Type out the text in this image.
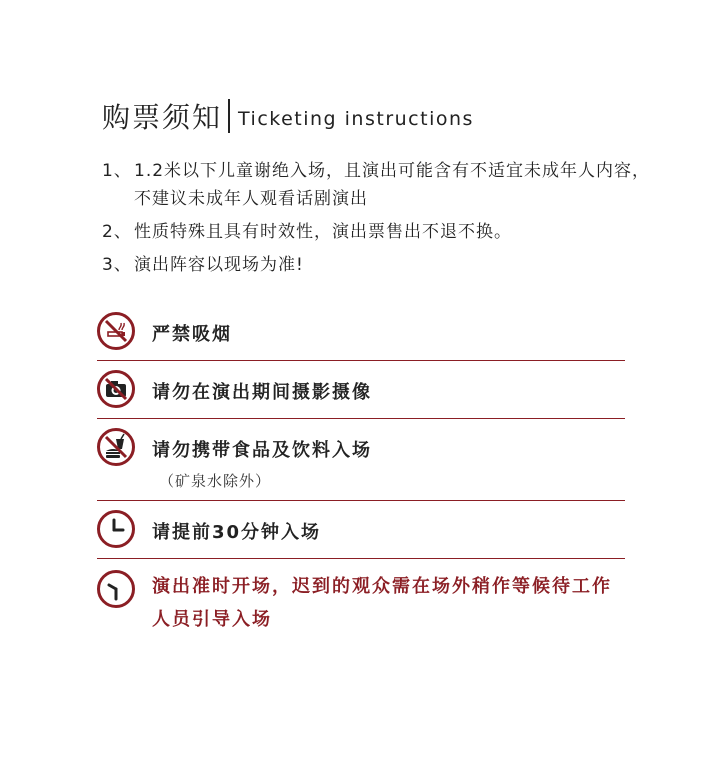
购票须知 Ticketing instructions
1、 1.2米以下儿童谢绝入场，且演出可能含有不适宜未成年人内容，不建议未成年人观看话剧演出
2、 性质特殊且具有时效性，演出票售出不退不换。
3、 演出阵容以现场为准!
严禁吸烟
请勿在演出期间摄影摄像
请勿携带食品及饮料入场
（矿泉水除外）
请提前30分钟入场
演出准时开场，迟到的观众需在场外稍作等候待工作人员引导入场
